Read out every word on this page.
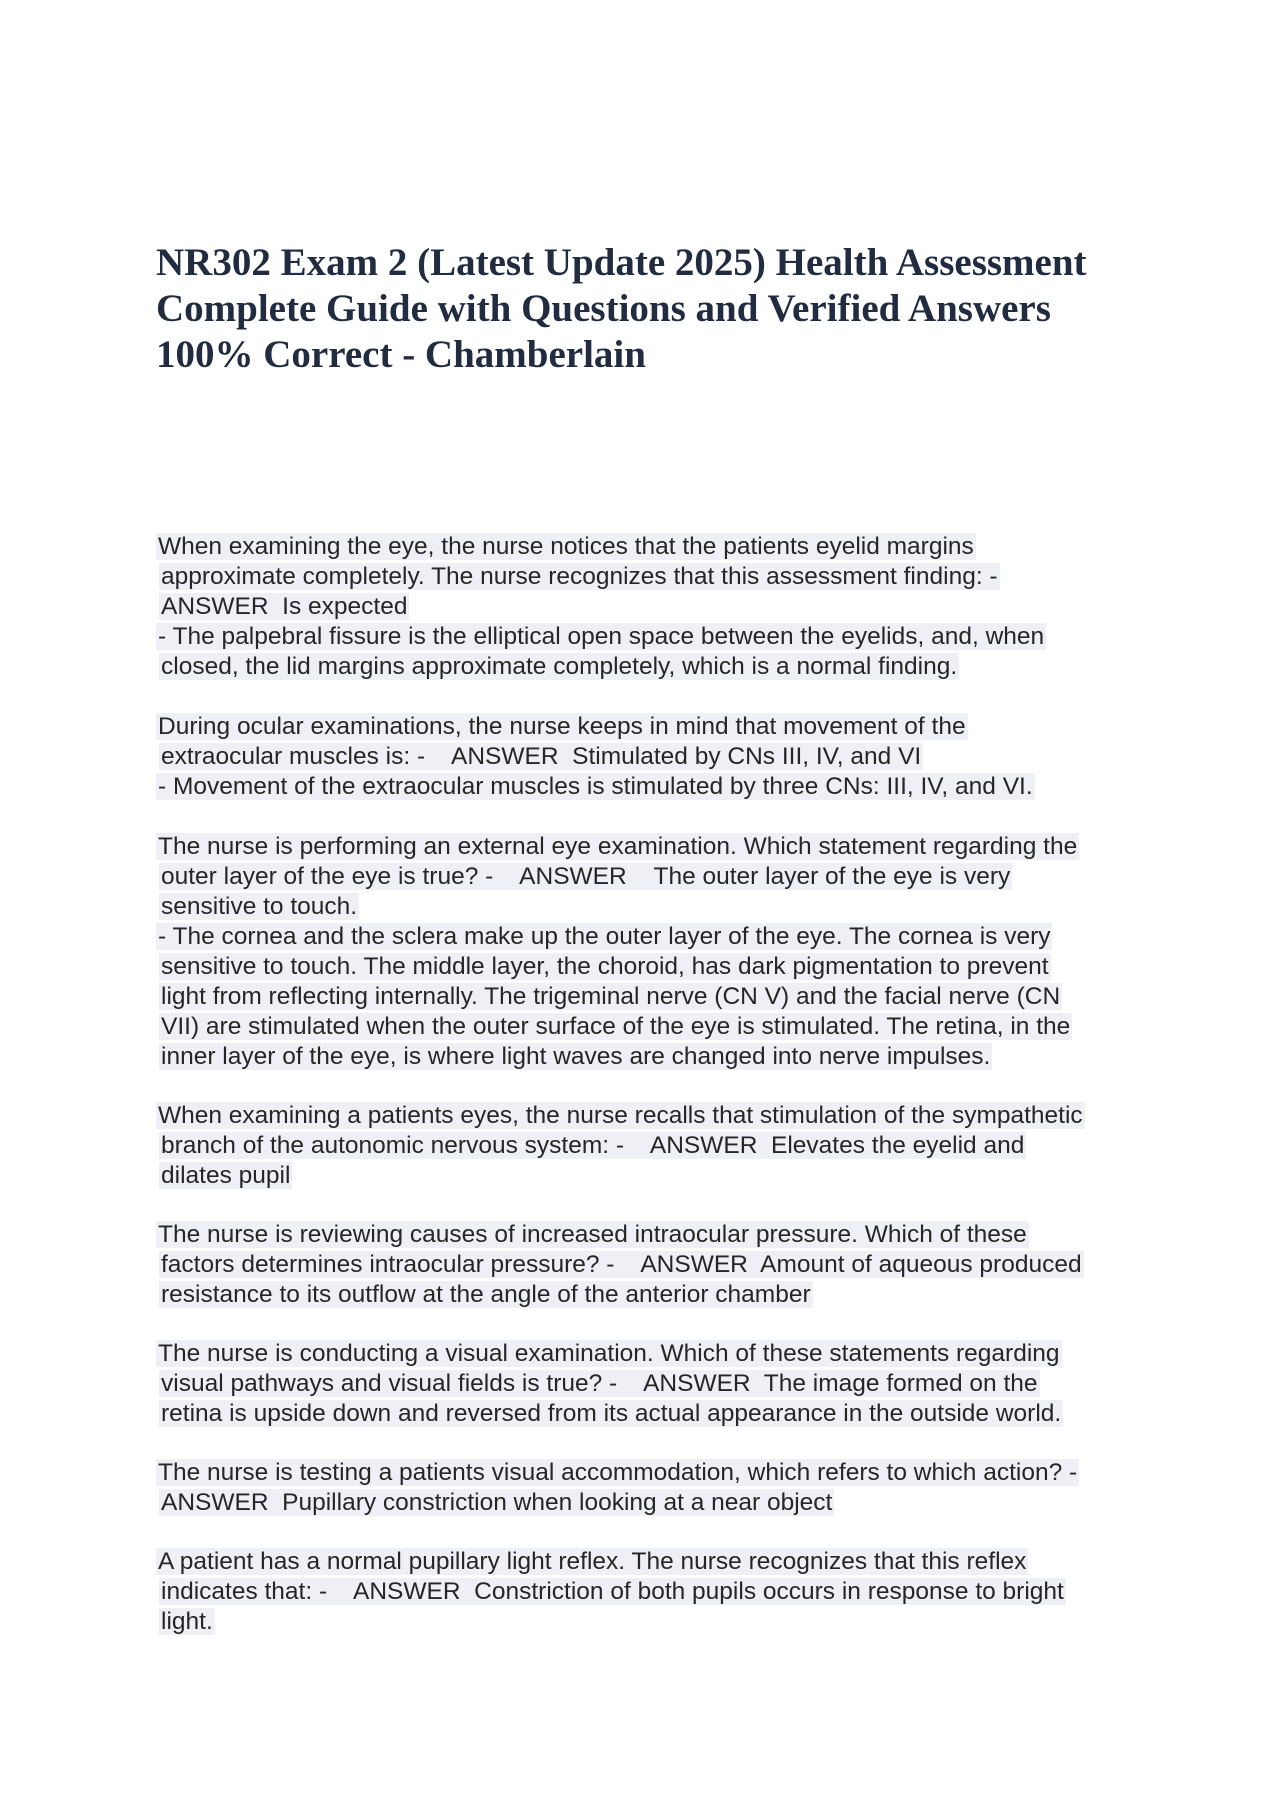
NR302 Exam 2 (Latest Update 2025) Health Assessment
Complete Guide with Questions and Verified Answers
100% Correct - Chamberlain
When examining the eye, the nurse notices that the patients eyelid margins
approximate completely. The nurse recognizes that this assessment finding: -
ANSWER  Is expected
- The palpebral fissure is the elliptical open space between the eyelids, and, when
closed, the lid margins approximate completely, which is a normal finding.
During ocular examinations, the nurse keeps in mind that movement of the
extraocular muscles is: -    ANSWER  Stimulated by CNs III, IV, and VI
- Movement of the extraocular muscles is stimulated by three CNs: III, IV, and VI.
The nurse is performing an external eye examination. Which statement regarding the
outer layer of the eye is true? -    ANSWER    The outer layer of the eye is very
sensitive to touch.
- The cornea and the sclera make up the outer layer of the eye. The cornea is very
sensitive to touch. The middle layer, the choroid, has dark pigmentation to prevent
light from reflecting internally. The trigeminal nerve (CN V) and the facial nerve (CN
VII) are stimulated when the outer surface of the eye is stimulated. The retina, in the
inner layer of the eye, is where light waves are changed into nerve impulses.
When examining a patients eyes, the nurse recalls that stimulation of the sympathetic
branch of the autonomic nervous system: -    ANSWER  Elevates the eyelid and
dilates pupil
The nurse is reviewing causes of increased intraocular pressure. Which of these
factors determines intraocular pressure? -    ANSWER  Amount of aqueous produced
resistance to its outflow at the angle of the anterior chamber
The nurse is conducting a visual examination. Which of these statements regarding
visual pathways and visual fields is true? -    ANSWER  The image formed on the
retina is upside down and reversed from its actual appearance in the outside world.
The nurse is testing a patients visual accommodation, which refers to which action? -
ANSWER  Pupillary constriction when looking at a near object
A patient has a normal pupillary light reflex. The nurse recognizes that this reflex
indicates that: -    ANSWER  Constriction of both pupils occurs in response to bright
light.
